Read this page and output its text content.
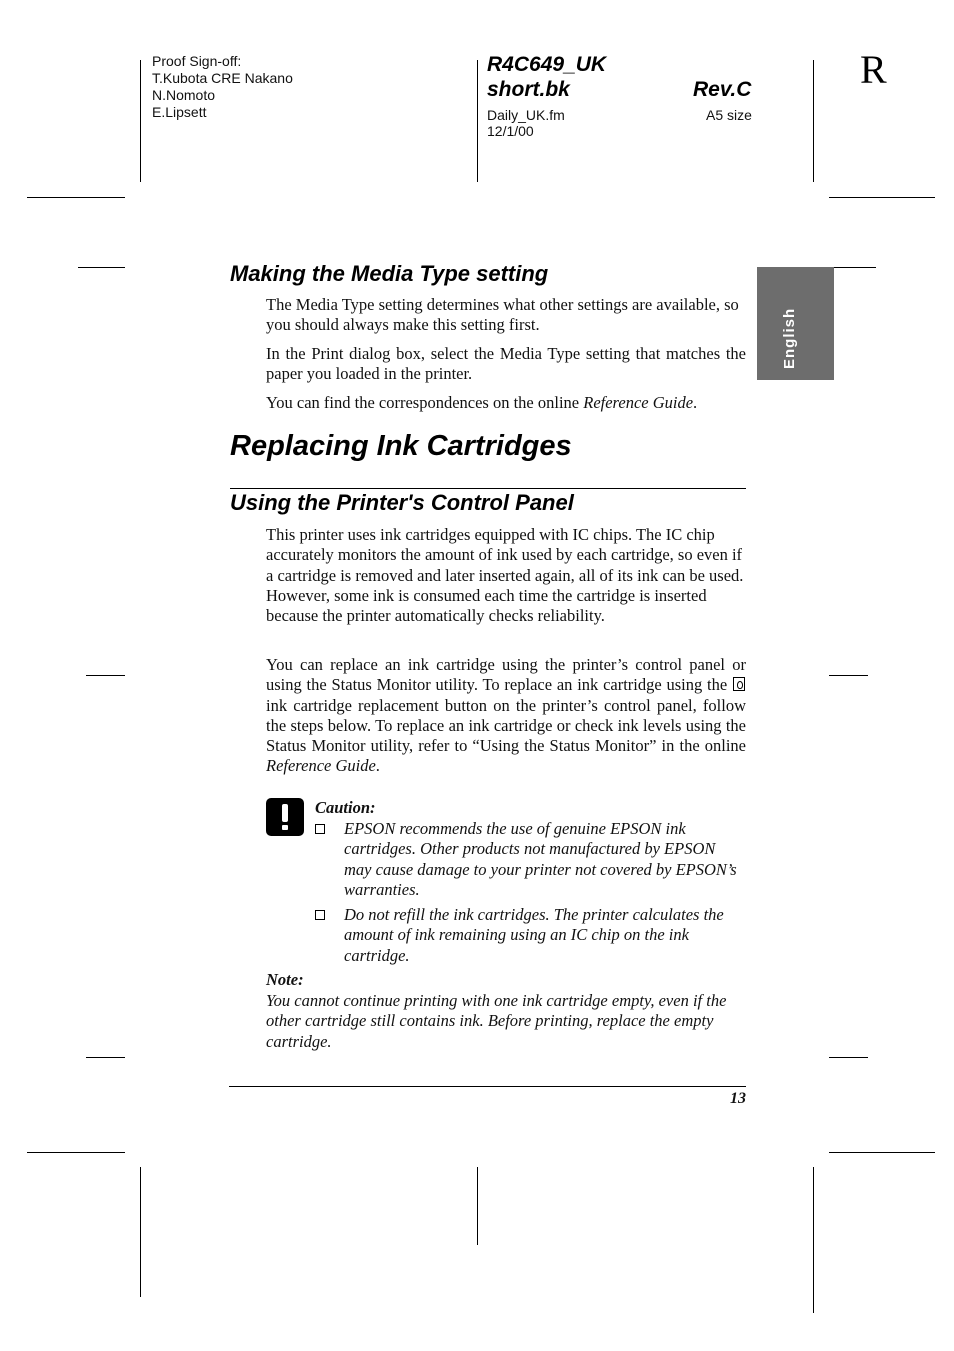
Proof Sign-off:
T.Kubota CRE Nakano
N.Nomoto
E.Lipsett
R4C649_UK
short.bk	Rev.C
Daily_UK.fm
12/1/00
A5 size
R
English
Making the Media Type setting

The Media Type setting determines what other settings are available, so you should always make this setting first.

In the Print dialog box, select the Media Type setting that matches the paper you loaded in the printer.

You can find the correspondences on the online Reference Guide.

Replacing Ink Cartridges
Using the Printer's Control Panel

This printer uses ink cartridges equipped with IC chips. The IC chip accurately monitors the amount of ink used by each cartridge, so even if a cartridge is removed and later inserted again, all of its ink can be used. However, some ink is consumed each time the cartridge is inserted because the printer automatically checks reliability.

You can replace an ink cartridge using the printer’s control panel or using the Status Monitor utility. To replace an ink cartridge using the  ink cartridge replacement button on the printer’s control panel, follow the steps below. To replace an ink cartridge or check ink levels using the Status Monitor utility, refer to “Using the Status Monitor” in the online Reference Guide.

Caution:

EPSON recommends the use of genuine EPSON ink cartridges. Other products not manufactured by EPSON may cause damage to your printer not covered by EPSON’s warranties.

Do not refill the ink cartridges. The printer calculates the amount of ink remaining using an IC chip on the ink cartridge.

Note:

You cannot continue printing with one ink cartridge empty, even if the other cartridge still contains ink. Before printing, replace the empty cartridge.

13
